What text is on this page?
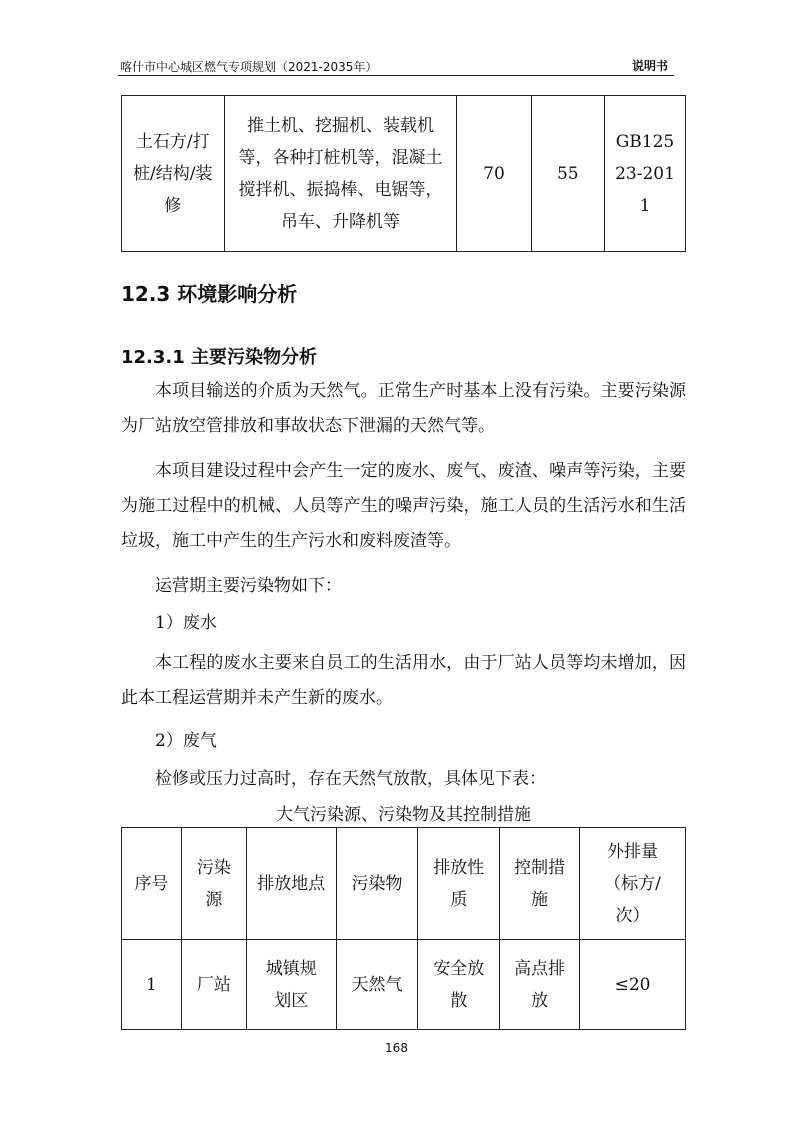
喀什市中心城区燃气专项规划（2021-2035年）	说明书
土石方/打桩/结构/装修	推土机、挖掘机、装载机等，各种打桩机等，混凝土搅拌机、振捣棒、电锯等，吊车、升降机等	70	55	GB12523-2011
12.3 环境影响分析
12.3.1 主要污染物分析

本项目输送的介质为天然气。正常生产时基本上没有污染。主要污染源为厂站放空管排放和事故状态下泄漏的天然气等。

本项目建设过程中会产生一定的废水、废气、废渣、噪声等污染，主要为施工过程中的机械、人员等产生的噪声污染，施工人员的生活污水和生活垃圾，施工中产生的生产污水和废料废渣等。

运营期主要污染物如下：

1）废水

本工程的废水主要来自员工的生活用水，由于厂站人员等均未增加，因此本工程运营期并未产生新的废水。

2）废气

检修或压力过高时，存在天然气放散，具体见下表：

大气污染源、污染物及其控制措施
序号	污染源	排放地点	污染物	排放性质	控制措施	外排量（标方/次）
1	厂站	城镇规划区	天然气	安全放散	高点排放	≤20
168
